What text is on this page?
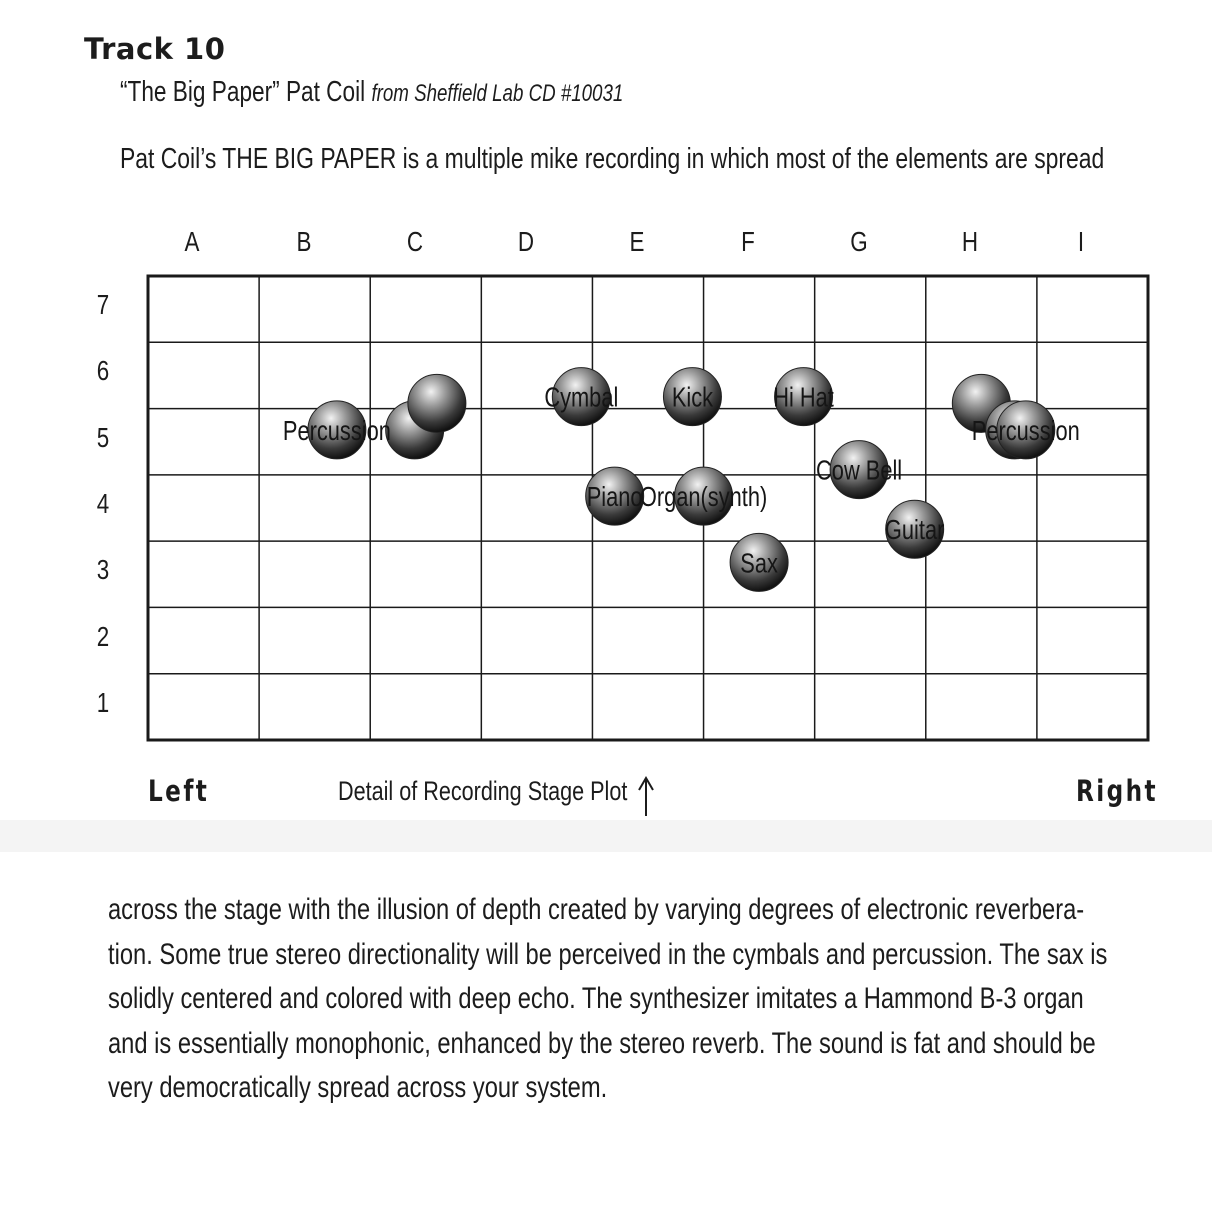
Track 10
“The Big Paper” Pat Coil from Sheffield Lab CD #10031
Pat Coil’s THE BIG PAPER is a multiple mike recording in which most of the elements are spread
A	B	C	D	E	F	G	H	I
7
6
5
4
3
2
1
Percussion
Cymbal Kick Hi Hat
Percussion
Cow Bell
Piano
Organ(synth)
Guitar
Sax
Left	Detail of Recording Stage Plot	Right
across the stage with the illusion of depth created by varying degrees of electronic reverbera-
tion. Some true stereo directionality will be perceived in the cymbals and percussion. The sax is
solidly centered and colored with deep echo. The synthesizer imitates a Hammond B-3 organ
and is essentially monophonic, enhanced by the stereo reverb. The sound is fat and should be
very democratically spread across your system.
